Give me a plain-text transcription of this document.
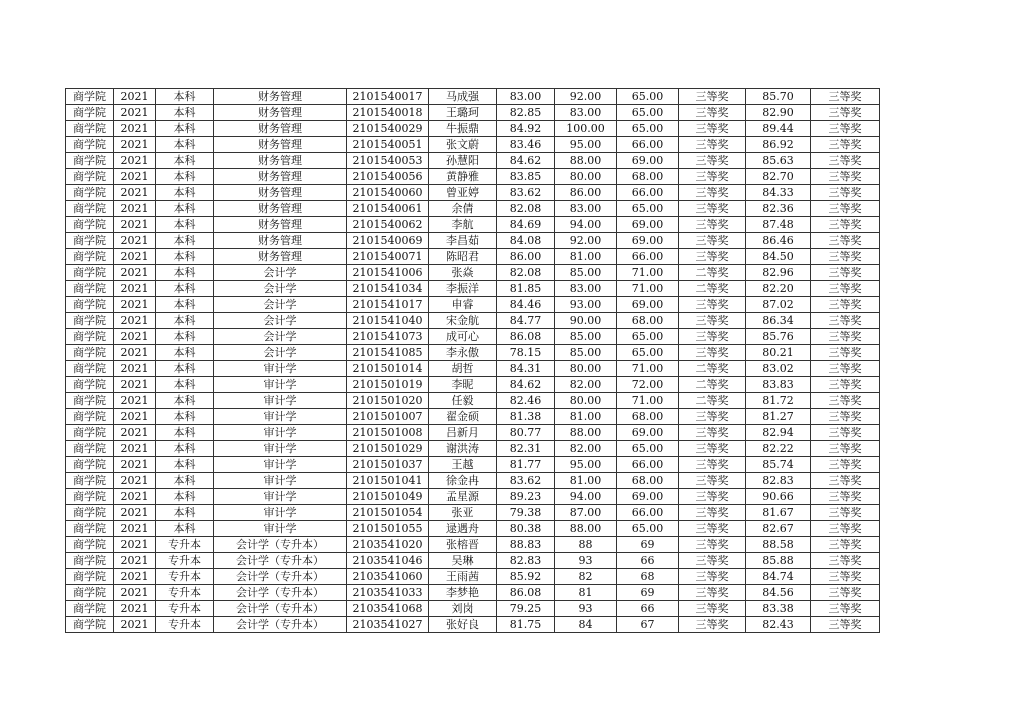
商学院	2021	本科	财务管理	2101540017	马成强	83.00	92.00	65.00	三等奖	85.70	三等奖
商学院	2021	本科	财务管理	2101540018	王璐珂	82.85	83.00	65.00	三等奖	82.90	三等奖
商学院	2021	本科	财务管理	2101540029	牛振鼎	84.92	100.00	65.00	三等奖	89.44	三等奖
商学院	2021	本科	财务管理	2101540051	张文蔚	83.46	95.00	66.00	三等奖	86.92	三等奖
商学院	2021	本科	财务管理	2101540053	孙慧阳	84.62	88.00	69.00	三等奖	85.63	三等奖
商学院	2021	本科	财务管理	2101540056	黄静雅	83.85	80.00	68.00	三等奖	82.70	三等奖
商学院	2021	本科	财务管理	2101540060	曾亚婷	83.62	86.00	66.00	三等奖	84.33	三等奖
商学院	2021	本科	财务管理	2101540061	余倩	82.08	83.00	65.00	三等奖	82.36	三等奖
商学院	2021	本科	财务管理	2101540062	李航	84.69	94.00	69.00	三等奖	87.48	三等奖
商学院	2021	本科	财务管理	2101540069	李昌茹	84.08	92.00	69.00	三等奖	86.46	三等奖
商学院	2021	本科	财务管理	2101540071	陈昭君	86.00	81.00	66.00	三等奖	84.50	三等奖
商学院	2021	本科	会计学	2101541006	张焱	82.08	85.00	71.00	二等奖	82.96	三等奖
商学院	2021	本科	会计学	2101541034	李振洋	81.85	83.00	71.00	二等奖	82.20	三等奖
商学院	2021	本科	会计学	2101541017	申睿	84.46	93.00	69.00	三等奖	87.02	三等奖
商学院	2021	本科	会计学	2101541040	宋金航	84.77	90.00	68.00	三等奖	86.34	三等奖
商学院	2021	本科	会计学	2101541073	成可心	86.08	85.00	65.00	三等奖	85.76	三等奖
商学院	2021	本科	会计学	2101541085	李永傲	78.15	85.00	65.00	三等奖	80.21	三等奖
商学院	2021	本科	审计学	2101501014	胡哲	84.31	80.00	71.00	二等奖	83.02	三等奖
商学院	2021	本科	审计学	2101501019	李昵	84.62	82.00	72.00	二等奖	83.83	三等奖
商学院	2021	本科	审计学	2101501020	任毅	82.46	80.00	71.00	二等奖	81.72	三等奖
商学院	2021	本科	审计学	2101501007	翟金硕	81.38	81.00	68.00	三等奖	81.27	三等奖
商学院	2021	本科	审计学	2101501008	吕新月	80.77	88.00	69.00	三等奖	82.94	三等奖
商学院	2021	本科	审计学	2101501029	谢洪涛	82.31	82.00	65.00	三等奖	82.22	三等奖
商学院	2021	本科	审计学	2101501037	王越	81.77	95.00	66.00	三等奖	85.74	三等奖
商学院	2021	本科	审计学	2101501041	徐金冉	83.62	81.00	68.00	三等奖	82.83	三等奖
商学院	2021	本科	审计学	2101501049	孟星源	89.23	94.00	69.00	三等奖	90.66	三等奖
商学院	2021	本科	审计学	2101501054	张亚	79.38	87.00	66.00	三等奖	81.67	三等奖
商学院	2021	本科	审计学	2101501055	逯遇舟	80.38	88.00	65.00	三等奖	82.67	三等奖
商学院	2021	专升本	会计学（专升本）	2103541020	张榕晋	88.83	88	69	三等奖	88.58	三等奖
商学院	2021	专升本	会计学（专升本）	2103541046	吴琳	82.83	93	66	三等奖	85.88	三等奖
商学院	2021	专升本	会计学（专升本）	2103541060	王雨茜	85.92	82	68	三等奖	84.74	三等奖
商学院	2021	专升本	会计学（专升本）	2103541033	李梦艳	86.08	81	69	三等奖	84.56	三等奖
商学院	2021	专升本	会计学（专升本）	2103541068	刘岗	79.25	93	66	三等奖	83.38	三等奖
商学院	2021	专升本	会计学（专升本）	2103541027	张好良	81.75	84	67	三等奖	82.43	三等奖
